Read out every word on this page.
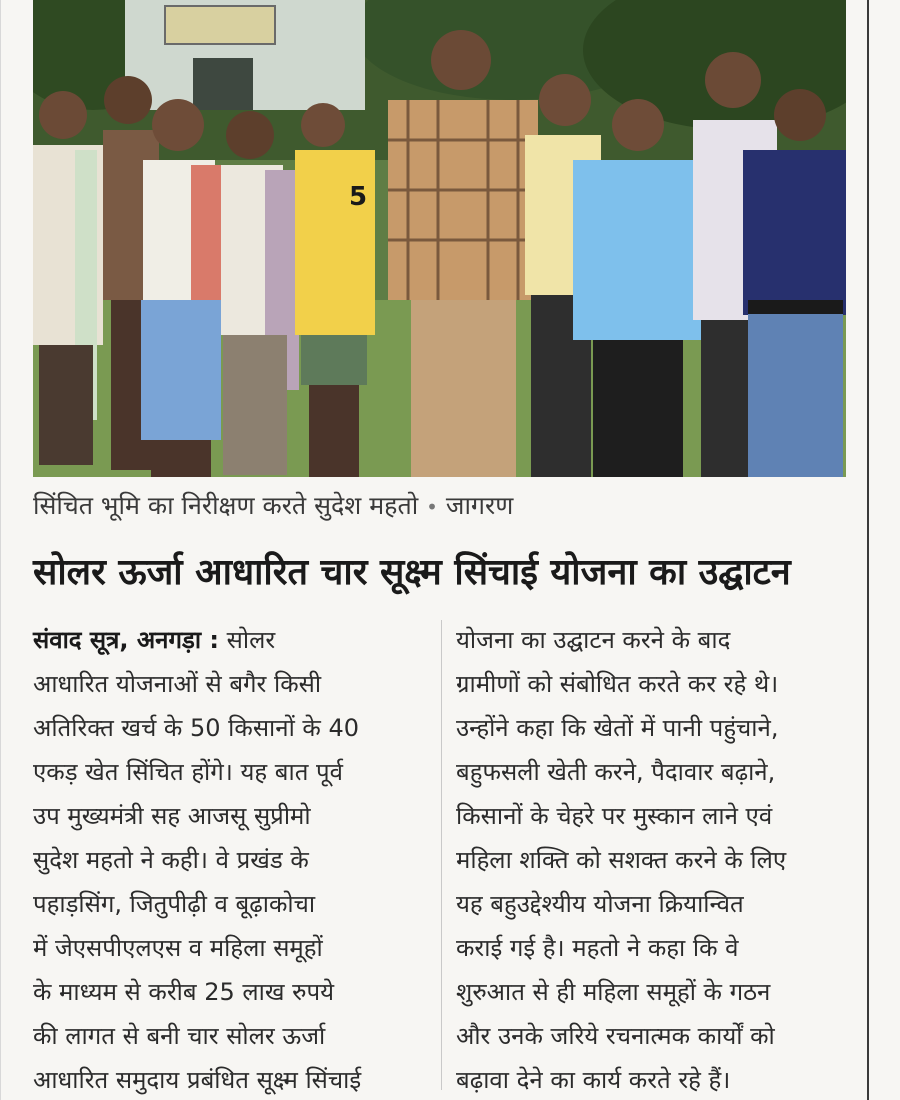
5
सिंचित भूमि का निरीक्षण करते सुदेश महतो • जागरण
सोलर ऊर्जा आधारित चार सूक्ष्म सिंचाई योजना का उद्घाटन
संवाद सूत्र, अनगड़ा : सोलर
आधारित योजनाओं से बगैर किसी
अतिरिक्त खर्च के 50 किसानों के 40
एकड़ खेत सिंचित होंगे। यह बात पूर्व
उप मुख्यमंत्री सह आजसू सुप्रीमो
सुदेश महतो ने कही। वे प्रखंड के
पहाड़सिंग, जितुपीढ़ी व बूढ़ाकोचा
में जेएसपीएलएस व महिला समूहों
के माध्यम से करीब 25 लाख रुपये
की लागत से बनी चार सोलर ऊर्जा
आधारित समुदाय प्रबंधित सूक्ष्म सिंचाई
योजना का उद्घाटन करने के बाद
ग्रामीणों को संबोधित करते कर रहे थे।
उन्होंने कहा कि खेतों में पानी पहुंचाने,
बहुफसली खेती करने, पैदावार बढ़ाने,
किसानों के चेहरे पर मुस्कान लाने एवं
महिला शक्ति को सशक्त करने के लिए
यह बहुउद्देश्यीय योजना क्रियान्वित
कराई गई है। महतो ने कहा कि वे
शुरुआत से ही महिला समूहों के गठन
और उनके जरिये रचनात्मक कार्यों को
बढ़ावा देने का कार्य करते रहे हैं।
